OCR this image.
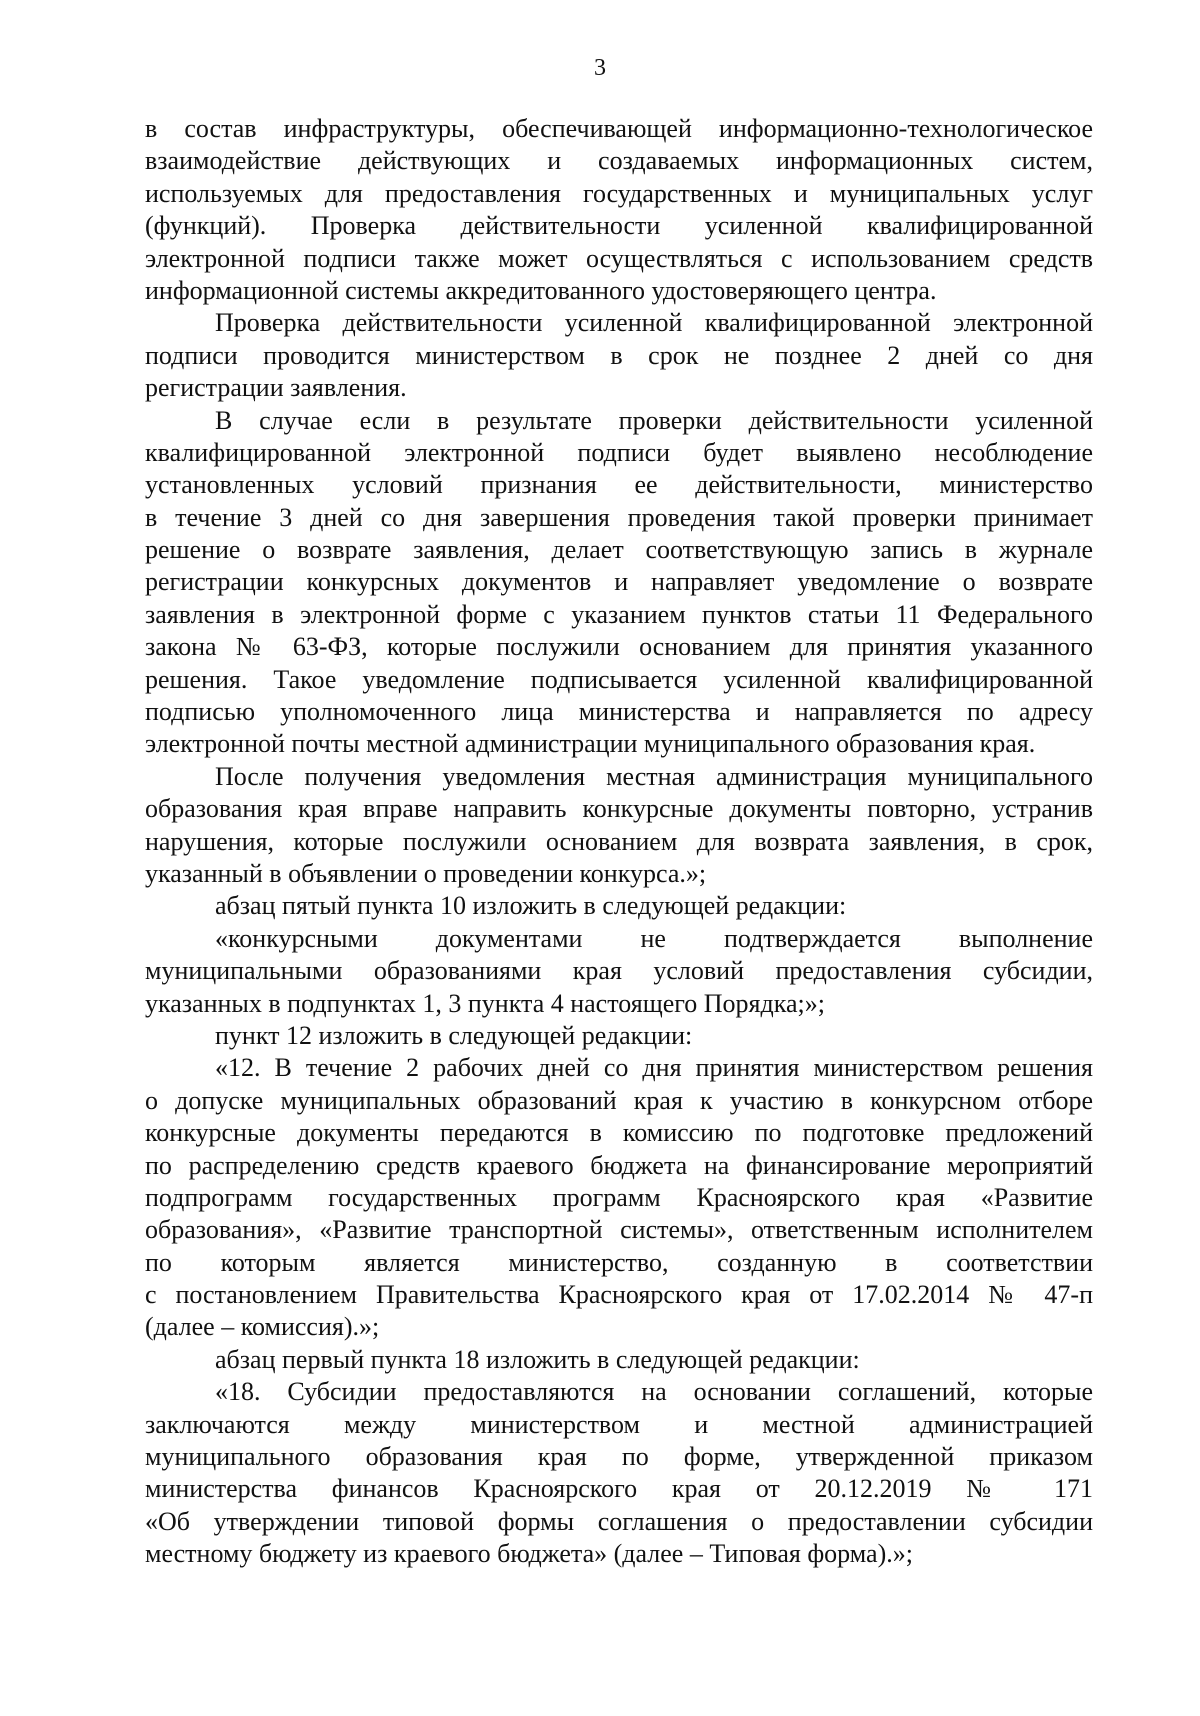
3
в состав инфраструктуры, обеспечивающей информационно-технологическое
взаимодействие действующих и создаваемых информационных систем,
используемых для предоставления государственных и муниципальных услуг
(функций). Проверка действительности усиленной квалифицированной
электронной подписи также может осуществляться с использованием средств
информационной системы аккредитованного удостоверяющего центра.
Проверка действительности усиленной квалифицированной электронной
подписи проводится министерством в срок не позднее 2 дней со дня
регистрации заявления.
В случае если в результате проверки действительности усиленной
квалифицированной электронной подписи будет выявлено несоблюдение
установленных условий признания ее действительности, министерство
в течение 3 дней со дня завершения проведения такой проверки принимает
решение о возврате заявления, делает соответствующую запись в журнале
регистрации конкурсных документов и направляет уведомление о возврате
заявления в электронной форме с указанием пунктов статьи 11 Федерального
закона № 63-ФЗ, которые послужили основанием для принятия указанного
решения. Такое уведомление подписывается усиленной квалифицированной
подписью уполномоченного лица министерства и направляется по адресу
электронной почты местной администрации муниципального образования края.
После получения уведомления местная администрация муниципального
образования края вправе направить конкурсные документы повторно, устранив
нарушения, которые послужили основанием для возврата заявления, в срок,
указанный в объявлении о проведении конкурса.»;
абзац пятый пункта 10 изложить в следующей редакции:
«конкурсными документами не подтверждается выполнение
муниципальными образованиями края условий предоставления субсидии,
указанных в подпунктах 1, 3 пункта 4 настоящего Порядка;»;
пункт 12 изложить в следующей редакции:
«12. В течение 2 рабочих дней со дня принятия министерством решения
о допуске муниципальных образований края к участию в конкурсном отборе
конкурсные документы передаются в комиссию по подготовке предложений
по распределению средств краевого бюджета на финансирование мероприятий
подпрограмм государственных программ Красноярского края «Развитие
образования», «Развитие транспортной системы», ответственным исполнителем
по которым является министерство, созданную в соответствии
с постановлением Правительства Красноярского края от 17.02.2014 № 47-п
(далее – комиссия).»;
абзац первый пункта 18 изложить в следующей редакции:
«18. Субсидии предоставляются на основании соглашений, которые
заключаются между министерством и местной администрацией
муниципального образования края по форме, утвержденной приказом
министерства финансов Красноярского края от 20.12.2019 № 171
«Об утверждении типовой формы соглашения о предоставлении субсидии
местному бюджету из краевого бюджета» (далее – Типовая форма).»;
